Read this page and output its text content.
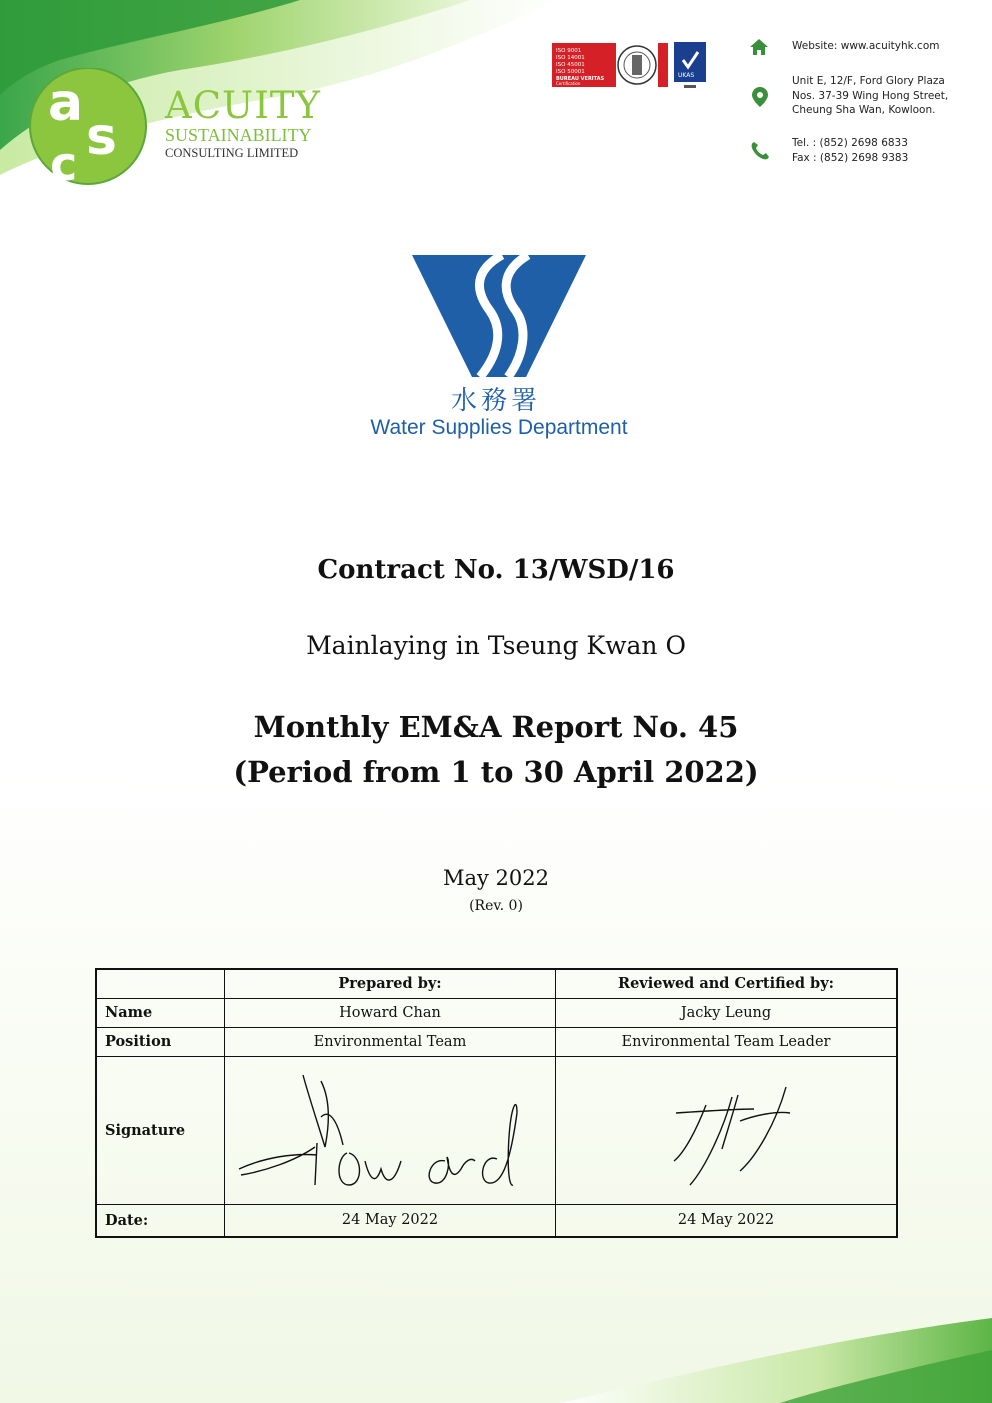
a
s
c
ACUITY
SUSTAINABILITY
CONSULTING LIMITED
ISO 9001
ISO 14001
ISO 45001
ISO 50001
BUREAU VERITAS
Certification
UKAS
Website: www.acuityhk.com
Unit E, 12/F, Ford Glory Plaza
Nos. 37-39 Wing Hong Street,
Cheung Sha Wan, Kowloon.
Tel. : (852) 2698 6833
Fax : (852) 2698 9383
水務署
Water Supplies Department
Contract No. 13/WSD/16
Mainlaying in Tseung Kwan O
Monthly EM&A Report No. 45
(Period from 1 to 30 April 2022)
May 2022
(Rev. 0)
	Prepared by:	Reviewed and Certified by:
Name	Howard Chan	Jacky Leung
Position	Environmental Team	Environmental Team Leader
Signature	

Date:	24 May 2022	24 May 2022
